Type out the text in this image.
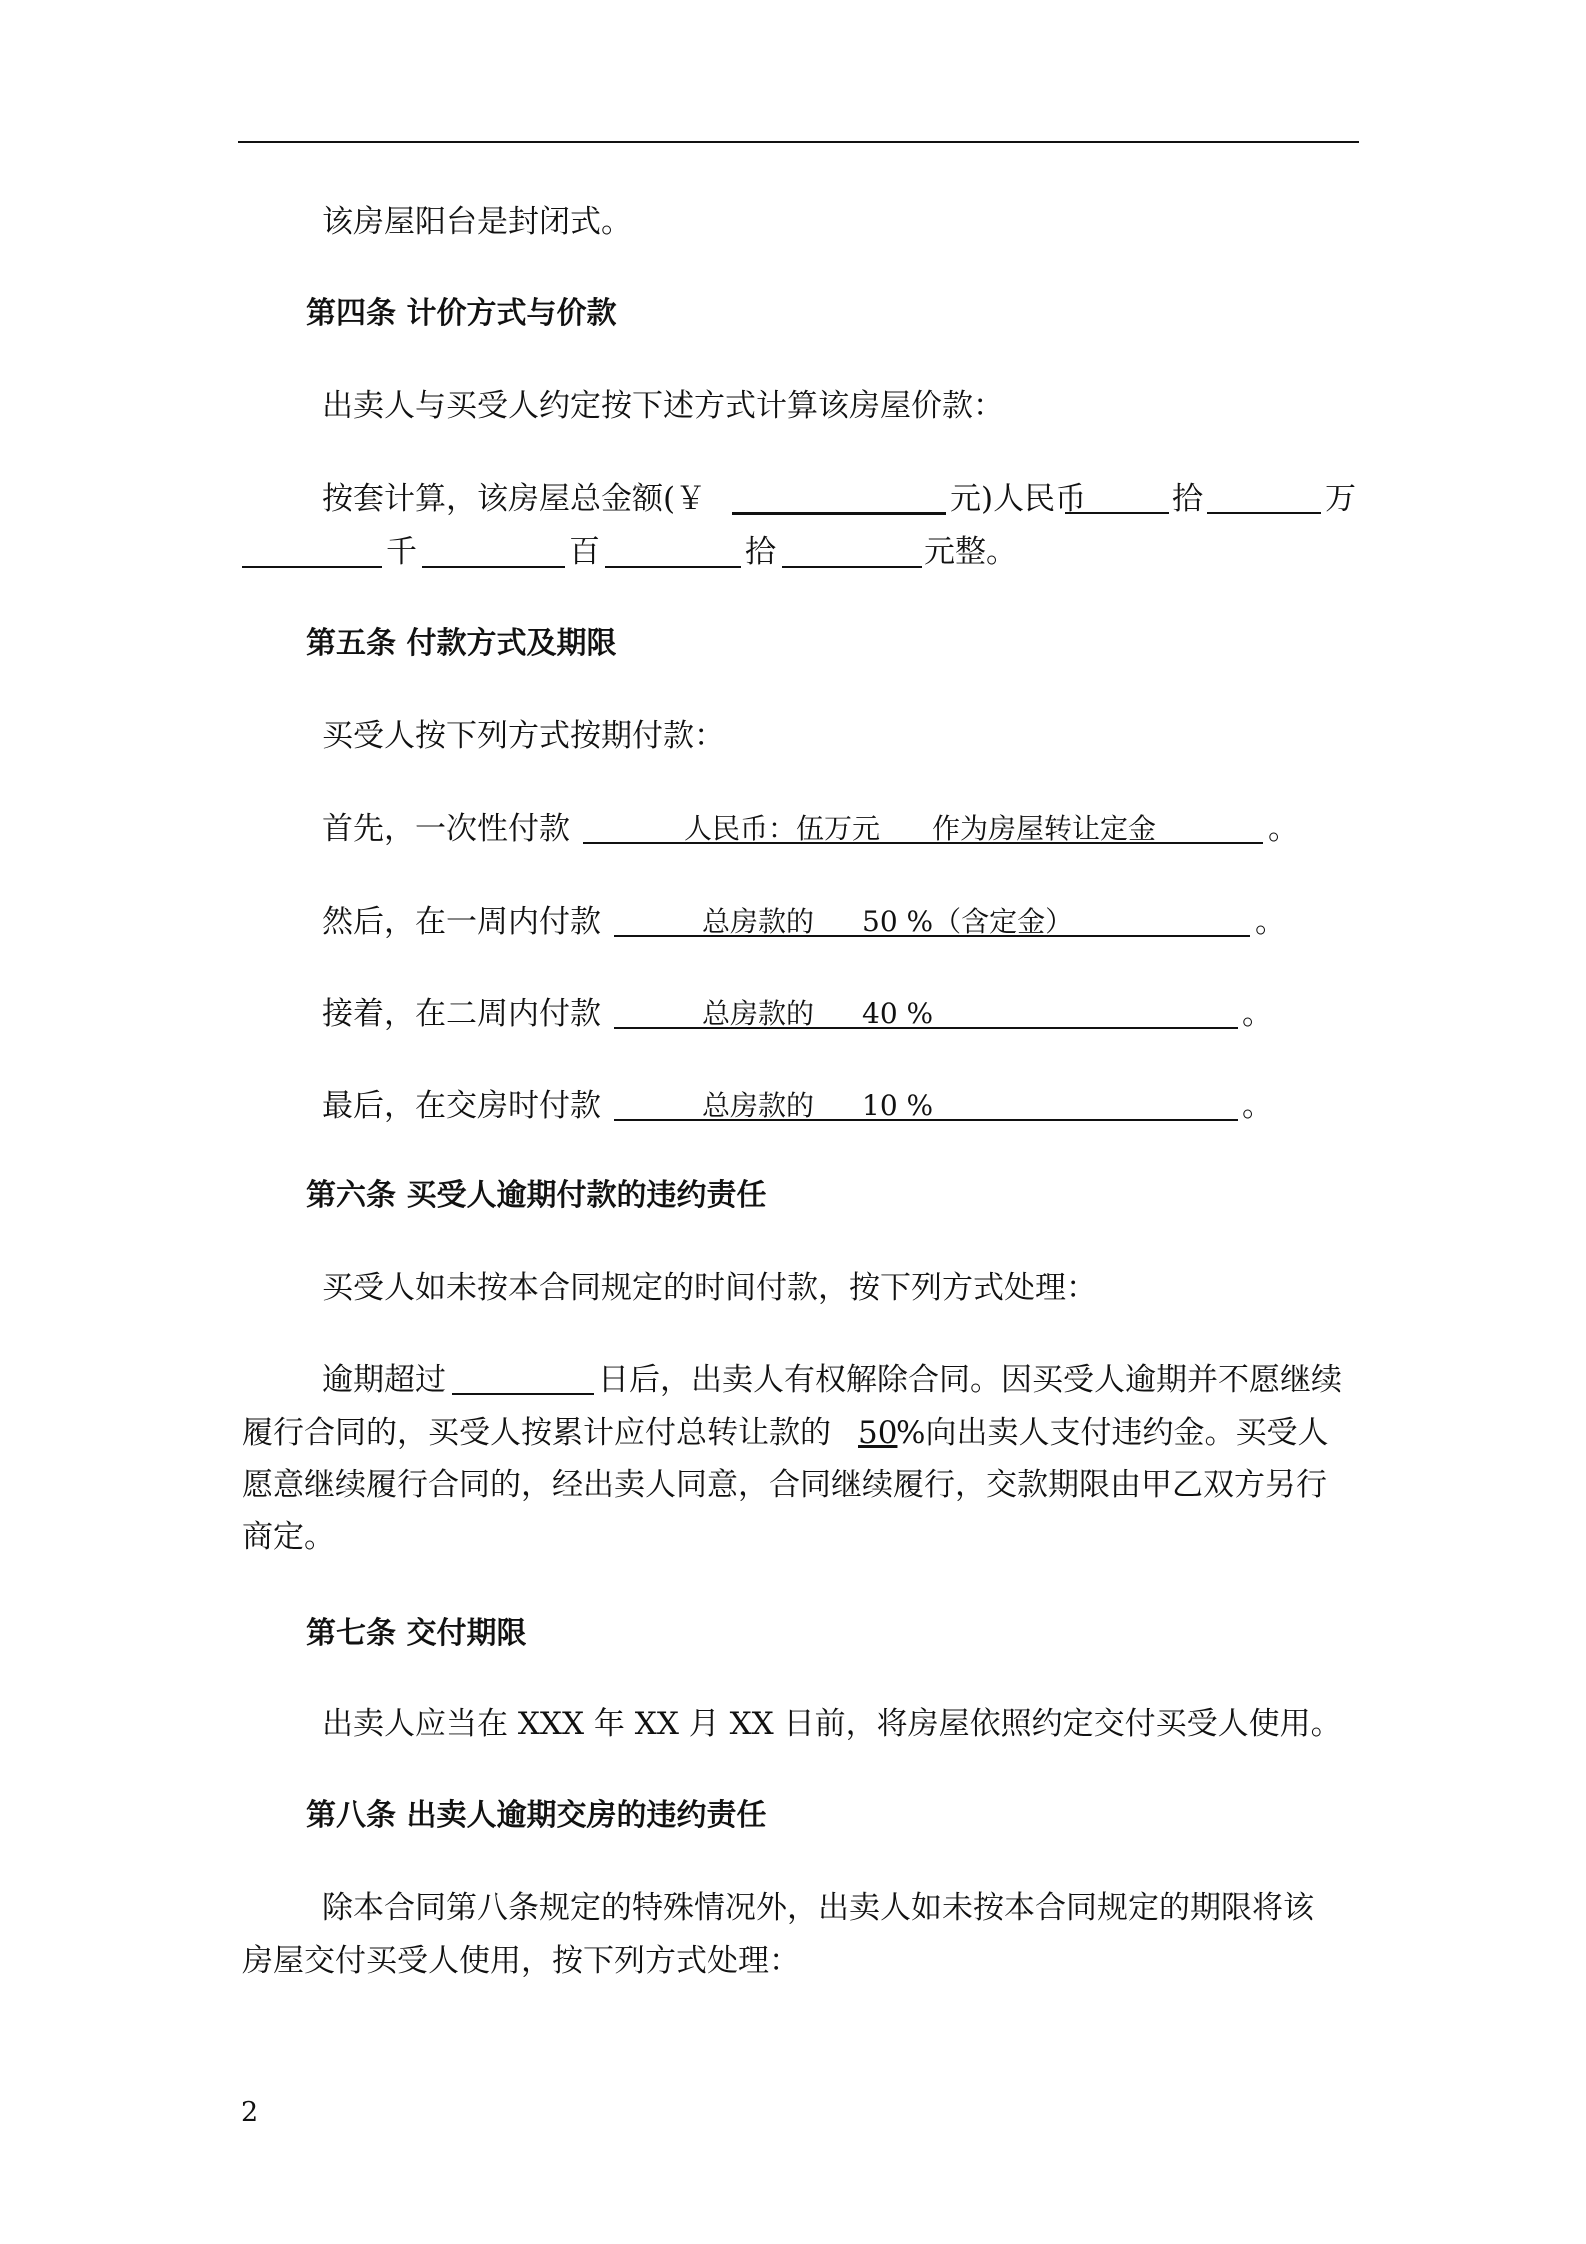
该房屋阳台是封闭式。
第四条 计价方式与价款
出卖人与买受人约定按下述方式计算该房屋价款：
按套计算，该房屋总金额(￥	元)人民币	拾	万
千	百	拾	元整。
第五条 付款方式及期限
买受人按下列方式按期付款：
首先，一次性付款	人民币：伍万元 作为房屋转让定金	。
然后，在一周内付款	总房款的 50 %（含定金）	。
接着，在二周内付款	总房款的 40 %	。
最后，在交房时付款	总房款的 10 %	。
第六条 买受人逾期付款的违约责任
买受人如未按本合同规定的时间付款，按下列方式处理：
逾期超过	日后，出卖人有权解除合同。因买受人逾期并不愿继续
履行合同的，买受人按累计应付总转让款的 50
%向出卖人支付违约金。买受人
愿意继续履行合同的，经出卖人同意，合同继续履行，交款期限由甲乙双方另行
商定。
第七条 交付期限
出卖人应当在 XXX 年 XX 月 XX 日前，将房屋依照约定交付买受人使用。
第八条 出卖人逾期交房的违约责任
除本合同第八条规定的特殊情况外，出卖人如未按本合同规定的期限将该
房屋交付买受人使用，按下列方式处理：
2
